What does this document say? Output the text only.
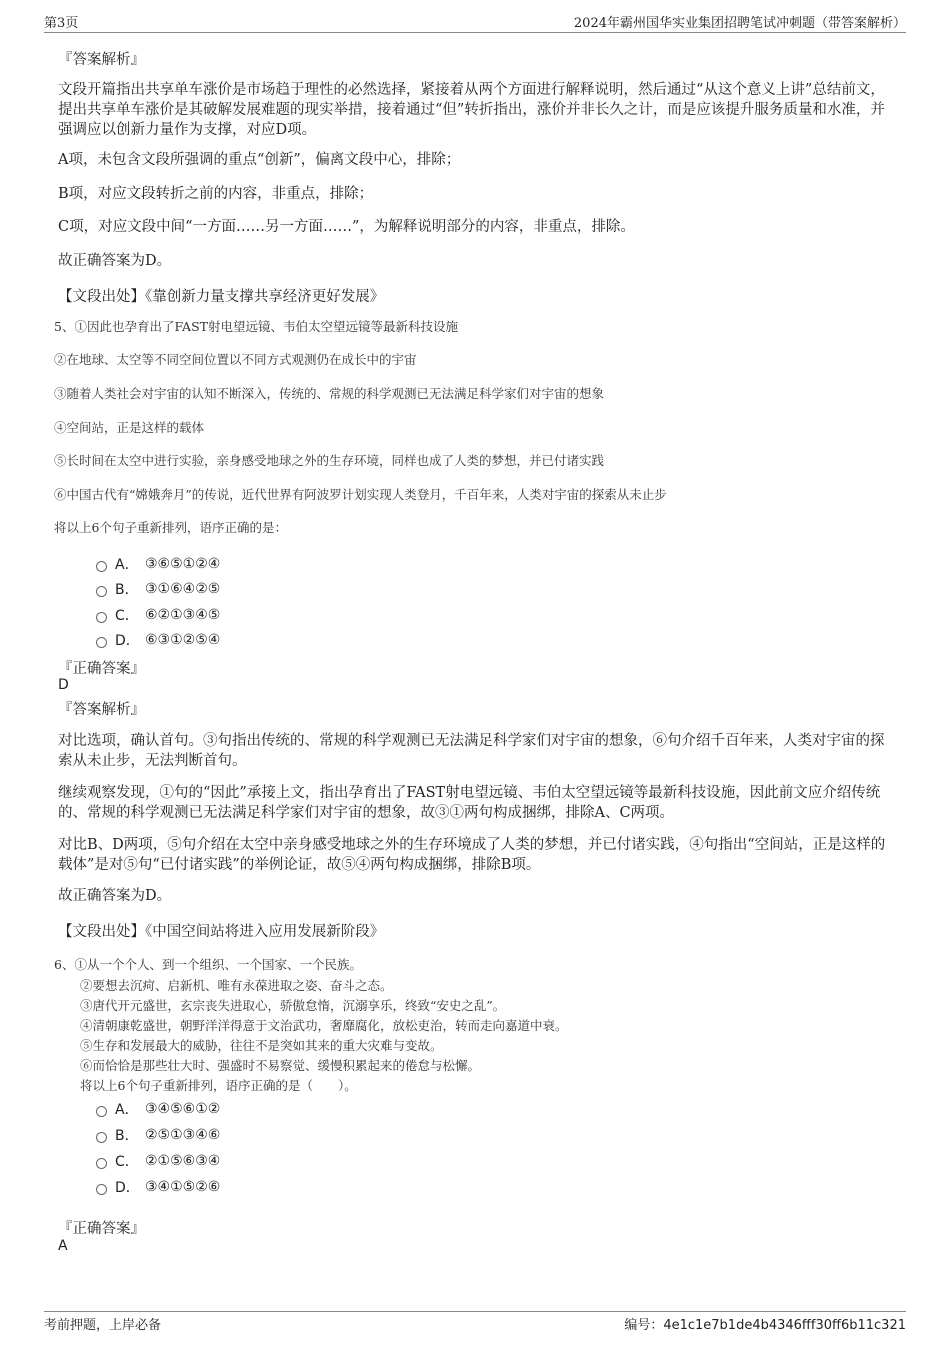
第3页	2024年霸州国华实业集团招聘笔试冲刺题（带答案解析）
『答案解析』
文段开篇指出共享单车涨价是市场趋于理性的必然选择，紧接着从两个方面进行解释说明，然后通过“从这个意义上讲”总结前文，提出共享单车涨价是其破解发展难题的现实举措，接着通过“但”转折指出，涨价并非长久之计，而是应该提升服务质量和水准，并强调应以创新力量作为支撑，对应D项。
A项，未包含文段所强调的重点“创新”，偏离文段中心，排除；
B项，对应文段转折之前的内容，非重点，排除；
C项，对应文段中间“一方面……另一方面……”，为解释说明部分的内容，非重点，排除。
故正确答案为D。
【文段出处】《靠创新力量支撑共享经济更好发展》
5、①因此也孕育出了FAST射电望远镜、韦伯太空望远镜等最新科技设施
②在地球、太空等不同空间位置以不同方式观测仍在成长中的宇宙
③随着人类社会对宇宙的认知不断深入，传统的、常规的科学观测已无法满足科学家们对宇宙的想象
④空间站，正是这样的载体
⑤长时间在太空中进行实验，亲身感受地球之外的生存环境，同样也成了人类的梦想，并已付诸实践
⑥中国古代有“嫦娥奔月”的传说，近代世界有阿波罗计划实现人类登月，千百年来，人类对宇宙的探索从未止步
将以上6个句子重新排列，语序正确的是：
A． ③⑥⑤①②④
B． ③①⑥④②⑤
C． ⑥②①③④⑤
D． ⑥③①②⑤④
『正确答案』
D
『答案解析』
对比选项，确认首句。③句指出传统的、常规的科学观测已无法满足科学家们对宇宙的想象，⑥句介绍千百年来，人类对宇宙的探索从未止步，无法判断首句。
继续观察发现，①句的“因此”承接上文，指出孕育出了FAST射电望远镜、韦伯太空望远镜等最新科技设施，因此前文应介绍传统的、常规的科学观测已无法满足科学家们对宇宙的想象，故③①两句构成捆绑，排除A、C两项。
对比B、D两项，⑤句介绍在太空中亲身感受地球之外的生存环境成了人类的梦想，并已付诸实践，④句指出“空间站，正是这样的载体”是对⑤句“已付诸实践”的举例论证，故⑤④两句构成捆绑，排除B项。
故正确答案为D。
【文段出处】《中国空间站将进入应用发展新阶段》
6、①从一个个人、到一个组织、一个国家、一个民族。
②要想去沉疴、启新机、唯有永葆进取之姿、奋斗之态。
③唐代开元盛世，玄宗丧失进取心，骄傲怠惰，沉溺享乐，终致“安史之乱”。
④清朝康乾盛世，朝野洋洋得意于文治武功，奢靡腐化，放松吏治，转而走向嘉道中衰。
⑤生存和发展最大的威胁，往往不是突如其来的重大灾难与变故。
⑥而恰恰是那些壮大时、强盛时不易察觉、缓慢积累起来的倦怠与松懈。
将以上6个句子重新排列，语序正确的是（　　）。
A． ③④⑤⑥①②
B． ②⑤①③④⑥
C． ②①⑤⑥③④
D． ③④①⑤②⑥
『正确答案』
A
考前押题，上岸必备	编号：4e1c1e7b1de4b4346fff30ff6b11c321
